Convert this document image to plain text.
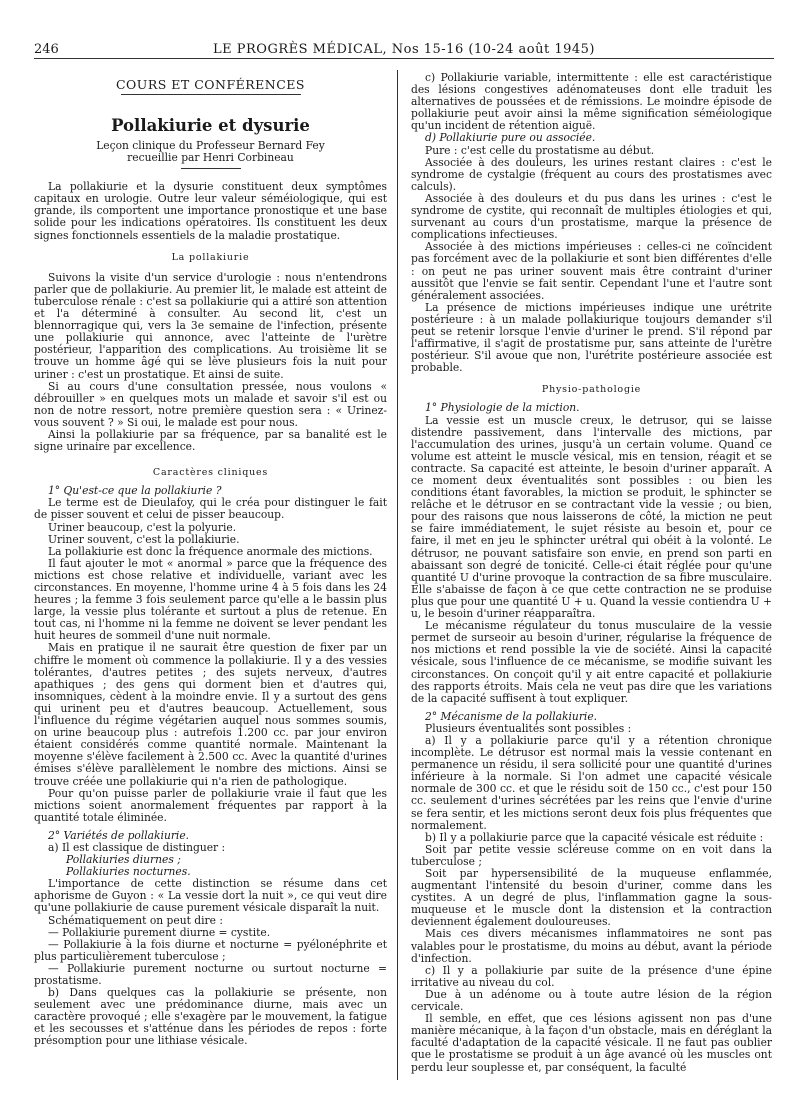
246	LE PROGRÈS MÉDICAL, Nos 15-16 (10-24 août 1945)
COURS ET CONFÉRENCES
Pollakiurie et dysurie
Leçon clinique du Professeur Bernard Fey
recueillie par Henri Corbineau

La pollakiurie et la dysurie constituent deux symptômes capitaux en urologie. Outre leur valeur séméiologique, qui est grande, ils comportent une importance pronostique et une base solide pour les indications opératoires. Ils constituent les deux signes fonctionnels essentiels de la maladie prostatique.

La pollakiurie

Suivons la visite d'un service d'urologie : nous n'entendrons parler que de pollakiurie. Au premier lit, le malade est atteint de tuberculose rénale : c'est sa pollakiurie qui a attiré son attention et l'a déterminé à consulter. Au second lit, c'est un blennorragique qui, vers la 3e semaine de l'infection, présente une pollakiurie qui annonce, avec l'atteinte de l'urètre postérieur, l'apparition des complications. Au troisième lit se trouve un homme âgé qui se lève plusieurs fois la nuit pour uriner : c'est un prostatique. Et ainsi de suite.

Si au cours d'une consultation pressée, nous voulons « débrouiller » en quelques mots un malade et savoir s'il est ou non de notre ressort, notre première question sera : « Urinez-vous souvent ? » Si oui, le malade est pour nous.

Ainsi la pollakiurie par sa fréquence, par sa banalité est le signe urinaire par excellence.

Caractères cliniques

1° Qu'est-ce que la pollakiurie ?

Le terme est de Dieulafoy, qui le créa pour distinguer le fait de pisser souvent et celui de pisser beaucoup.

Uriner beaucoup, c'est la polyurie.

Uriner souvent, c'est la pollakiurie.

La pollakiurie est donc la fréquence anormale des mictions.

Il faut ajouter le mot « anormal » parce que la fréquence des mictions est chose relative et individuelle, variant avec les circonstances. En moyenne, l'homme urine 4 à 5 fois dans les 24 heures ; la femme 3 fois seulement parce qu'elle a le bassin plus large, la vessie plus tolérante et surtout a plus de retenue. En tout cas, ni l'homme ni la femme ne doivent se lever pendant les huit heures de sommeil d'une nuit normale.

Mais en pratique il ne saurait être question de fixer par un chiffre le moment où commence la pollakiurie. Il y a des vessies tolérantes, d'autres petites ; des sujets nerveux, d'autres apathiques ; des gens qui dorment bien et d'autres qui, insomniques, cèdent à la moindre envie. Il y a surtout des gens qui urinent peu et d'autres beaucoup. Actuellement, sous l'influence du régime végétarien auquel nous sommes soumis, on urine beaucoup plus : autrefois 1.200 cc. par jour environ étaient considérés comme quantité normale. Maintenant la moyenne s'élève facilement à 2.500 cc. Avec la quantité d'urines émises s'élève parallèlement le nombre des mictions. Ainsi se trouve créée une pollakiurie qui n'a rien de pathologique.

Pour qu'on puisse parler de pollakiurie vraie il faut que les mictions soient anormalement fréquentes par rapport à la quantité totale éliminée.

2° Variétés de pollakiurie.

a) Il est classique de distinguer :

Pollakiuries diurnes ;

Pollakiuries nocturnes.

L'importance de cette distinction se résume dans cet aphorisme de Guyon : « La vessie dort la nuit », ce qui veut dire qu'une pollakiurie de cause purement vésicale disparaît la nuit.

Schématiquement on peut dire :

— Pollakiurie purement diurne = cystite.

— Pollakiurie à la fois diurne et nocturne = pyélonéphrite et plus particulièrement tuberculose ;

— Pollakiurie purement nocturne ou surtout nocturne = prostatisme.

b) Dans quelques cas la pollakiurie se présente, non seulement avec une prédominance diurne, mais avec un caractère provoqué ; elle s'exagère par le mouvement, la fatigue et les secousses et s'atténue dans les périodes de repos : forte présomption pour une lithiase vésicale.

c) Pollakiurie variable, intermittente : elle est caractéristique des lésions congestives adénomateuses dont elle traduit les alternatives de poussées et de rémissions. Le moindre épisode de pollakiurie peut avoir ainsi la même signification séméiologique qu'un incident de rétention aiguë.

d) Pollakiurie pure ou associée.

Pure : c'est celle du prostatisme au début.

Associée à des douleurs, les urines restant claires : c'est le syndrome de cystalgie (fréquent au cours des prostatismes avec calculs).

Associée à des douleurs et du pus dans les urines : c'est le syndrome de cystite, qui reconnaît de multiples étiologies et qui, survenant au cours d'un prostatisme, marque la présence de complications infectieuses.

Associée à des mictions impérieuses : celles-ci ne coïncident pas forcément avec de la pollakiurie et sont bien différentes d'elle : on peut ne pas uriner souvent mais être contraint d'uriner aussitôt que l'envie se fait sentir. Cependant l'une et l'autre sont généralement associées.

La présence de mictions impérieuses indique une urétrite postérieure : à un malade pollakiurique toujours demander s'il peut se retenir lorsque l'envie d'uriner le prend. S'il répond par l'affirmative, il s'agit de prostatisme pur, sans atteinte de l'urètre postérieur. S'il avoue que non, l'urétrite postérieure associée est probable.

Physio-pathologie

1° Physiologie de la miction.

La vessie est un muscle creux, le detrusor, qui se laisse distendre passivement, dans l'intervalle des mictions, par l'accumulation des urines, jusqu'à un certain volume. Quand ce volume est atteint le muscle vésical, mis en tension, réagit et se contracte. Sa capacité est atteinte, le besoin d'uriner apparaît. A ce moment deux éventualités sont possibles : ou bien les conditions étant favorables, la miction se produit, le sphincter se relâche et le détrusor en se contractant vide la vessie ; ou bien, pour des raisons que nous laisserons de côté, la miction ne peut se faire immédiatement, le sujet résiste au besoin et, pour ce faire, il met en jeu le sphincter urétral qui obéit à la volonté. Le détrusor, ne pouvant satisfaire son envie, en prend son parti en abaissant son degré de tonicité. Celle-ci était réglée pour qu'une quantité U d'urine provoque la contraction de sa fibre musculaire. Elle s'abaisse de façon à ce que cette contraction ne se produise plus que pour une quantité U + u. Quand la vessie contiendra U + u, le besoin d'uriner réapparaîtra.

Le mécanisme régulateur du tonus musculaire de la vessie permet de surseoir au besoin d'uriner, régularise la fréquence de nos mictions et rend possible la vie de société. Ainsi la capacité vésicale, sous l'influence de ce mécanisme, se modifie suivant les circonstances. On conçoit qu'il y ait entre capacité et pollakiurie des rapports étroits. Mais cela ne veut pas dire que les variations de la capacité suffisent à tout expliquer.

2° Mécanisme de la pollakiurie.

Plusieurs éventualités sont possibles :

a) Il y a pollakiurie parce qu'il y a rétention chronique incomplète. Le détrusor est normal mais la vessie contenant en permanence un résidu, il sera sollicité pour une quantité d'urines inférieure à la normale. Si l'on admet une capacité vésicale normale de 300 cc. et que le résidu soit de 150 cc., c'est pour 150 cc. seulement d'urines sécrétées par les reins que l'envie d'urine se fera sentir, et les mictions seront deux fois plus fréquentes que normalement.

b) Il y a pollakiurie parce que la capacité vésicale est réduite :

Soit par petite vessie scléreuse comme on en voit dans la tuberculose ;

Soit par hypersensibilité de la muqueuse enflammée, augmentant l'intensité du besoin d'uriner, comme dans les cystites. A un degré de plus, l'inflammation gagne la sous-muqueuse et le muscle dont la distension et la contraction deviennent également douloureuses.

Mais ces divers mécanismes inflammatoires ne sont pas valables pour le prostatisme, du moins au début, avant la période d'infection.

c) Il y a pollakiurie par suite de la présence d'une épine irritative au niveau du col.

Due à un adénome ou à toute autre lésion de la région cervicale.

Il semble, en effet, que ces lésions agissent non pas d'une manière mécanique, à la façon d'un obstacle, mais en déréglant la faculté d'adaptation de la capacité vésicale. Il ne faut pas oublier que le prostatisme se produit à un âge avancé où les muscles ont perdu leur souplesse et, par conséquent, la faculté
